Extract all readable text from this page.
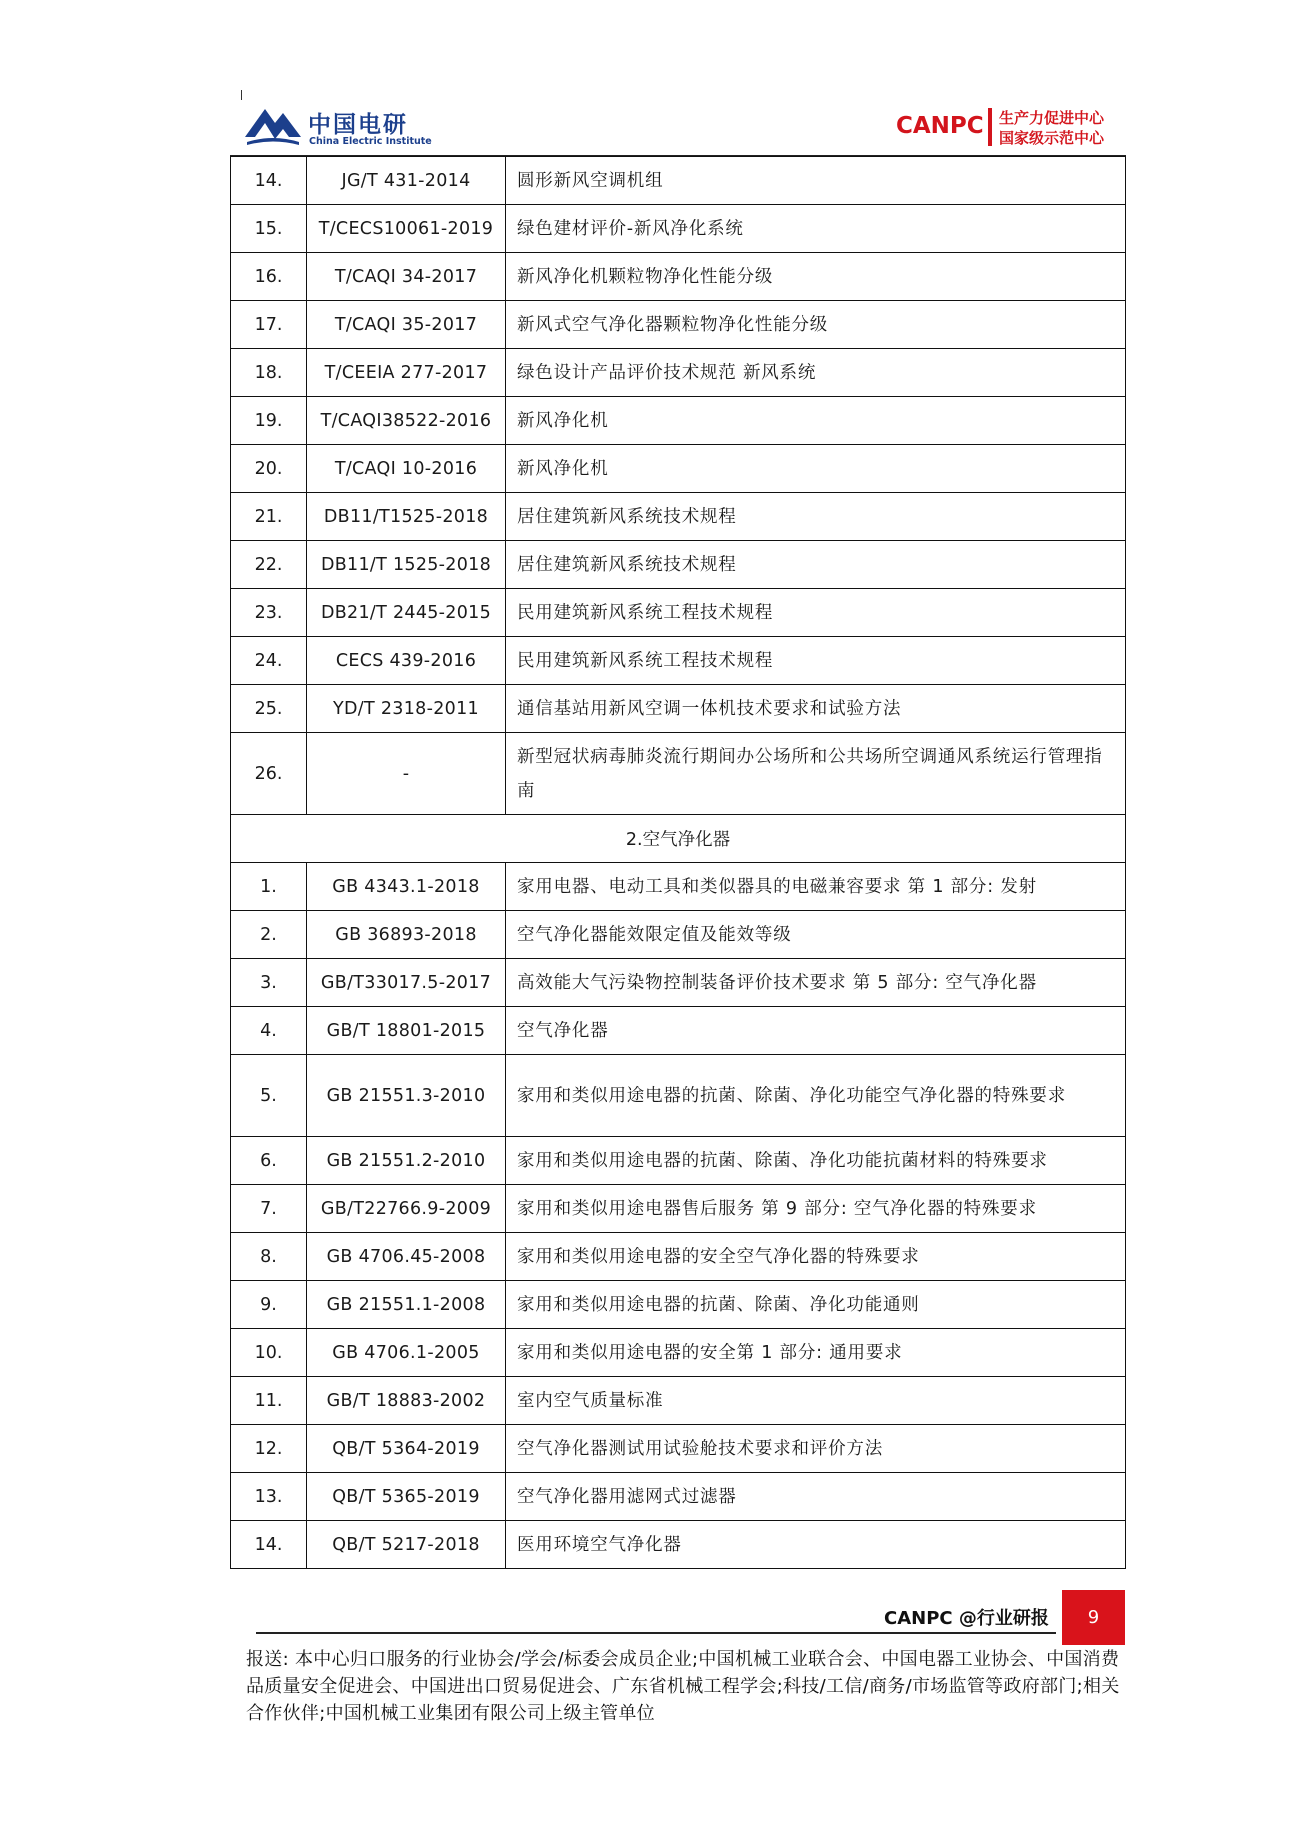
中国电研
China Electric Institute
CANPC 生产力促进中心
国家级示范中心
14.	JG/T 431-2014	圆形新风空调机组
15.	T/CECS10061-2019	绿色建材评价-新风净化系统
16.	T/CAQI 34-2017	新风净化机颗粒物净化性能分级
17.	T/CAQI 35-2017	新风式空气净化器颗粒物净化性能分级
18.	T/CEEIA 277-2017	绿色设计产品评价技术规范 新风系统
19.	T/CAQI38522-2016	新风净化机
20.	T/CAQI 10-2016	新风净化机
21.	DB11/T1525-2018	居住建筑新风系统技术规程
22.	DB11/T 1525-2018	居住建筑新风系统技术规程
23.	DB21/T 2445-2015	民用建筑新风系统工程技术规程
24.	CECS 439-2016	民用建筑新风系统工程技术规程
25.	YD/T 2318-2011	通信基站用新风空调一体机技术要求和试验方法
26.	-	新型冠状病毒肺炎流行期间办公场所和公共场所空调通风系统运行管理指南
2.空气净化器		
1.	GB 4343.1-2018	家用电器、电动工具和类似器具的电磁兼容要求 第 1 部分: 发射
2.	GB 36893-2018	空气净化器能效限定值及能效等级
3.	GB/T33017.5-2017	高效能大气污染物控制装备评价技术要求 第 5 部分: 空气净化器
4.	GB/T 18801-2015	空气净化器
5.	GB 21551.3-2010	家用和类似用途电器的抗菌、除菌、净化功能空气净化器的特殊要求
6.	GB 21551.2-2010	家用和类似用途电器的抗菌、除菌、净化功能抗菌材料的特殊要求
7.	GB/T22766.9-2009	家用和类似用途电器售后服务 第 9 部分: 空气净化器的特殊要求
8.	GB 4706.45-2008	家用和类似用途电器的安全空气净化器的特殊要求
9.	GB 21551.1-2008	家用和类似用途电器的抗菌、除菌、净化功能通则
10.	GB 4706.1-2005	家用和类似用途电器的安全第 1 部分: 通用要求
11.	GB/T 18883-2002	室内空气质量标准
12.	QB/T 5364-2019	空气净化器测试用试验舱技术要求和评价方法
13.	QB/T 5365-2019	空气净化器用滤网式过滤器
14.	QB/T 5217-2018	医用环境空气净化器
CANPC @行业研报	9
报送: 本中心归口服务的行业协会/学会/标委会成员企业;中国机械工业联合会、中国电器工业协会、中国消费品质量安全促进会、中国进出口贸易促进会、广东省机械工程学会;科技/工信/商务/市场监管等政府部门;相关合作伙伴;中国机械工业集团有限公司上级主管单位
